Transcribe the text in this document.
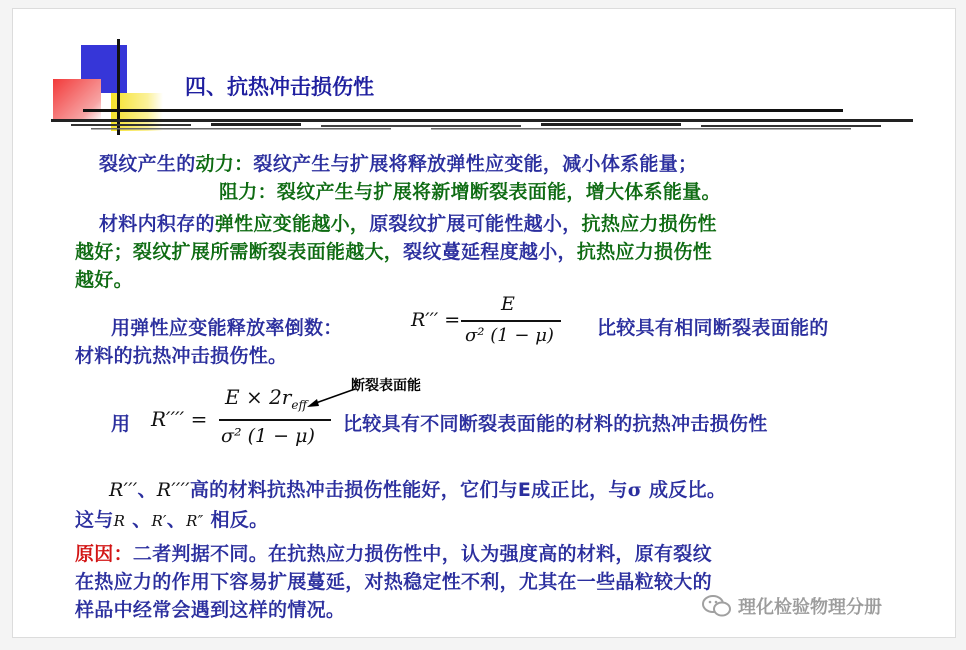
四、抗热冲击损伤性
裂纹产生的动力：裂纹产生与扩展将释放弹性应变能，减小体系能量；
阻力：裂纹产生与扩展将新增断裂表面能，增大体系能量。
材料内积存的弹性应变能越小，原裂纹扩展可能性越小，抗热应力损伤性
越好；裂纹扩展所需断裂表面能越大，裂纹蔓延程度越小，抗热应力损伤性
越好。
用弹性应变能释放率倒数：	R′′′ =
E
σ² (1 − μ) 比较具有相同断裂表面能的
材料的抗热冲击损伤性。
断裂表面能
用 R′′′′ =
$E \times 2r_{eff}$
σ² (1 − μ)
比较具有不同断裂表面能的材料的抗热冲击损伤性
R′′′、R′′′′高的材料抗热冲击损伤性能好，它们与E成正比，与σ 成反比。
这与R 、R′、R″ 相反。
原因：二者判据不同。在抗热应力损伤性中，认为强度高的材料，原有裂纹
在热应力的作用下容易扩展蔓延，对热稳定性不利，尤其在一些晶粒较大的
样品中经常会遇到这样的情况。	理化检验物理分册
